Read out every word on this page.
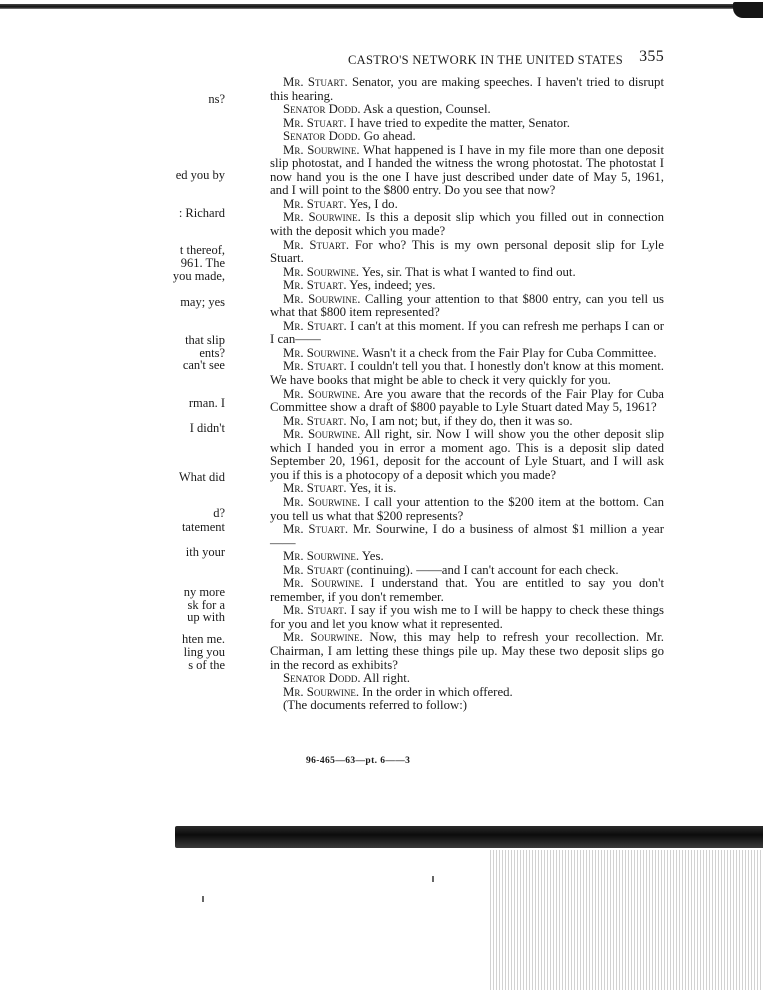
CASTRO'S NETWORK IN THE UNITED STATES 355
ns?
ed you by
: Richard
t thereof,
961. The
you made,
may; yes
that slip
ents?
can't see
rman. I
I didn't
What did
d?
tatement
ith your
ny more
sk for a
up with
hten me.
ling you
s of the

Mr. Stuart. Senator, you are making speeches. I haven't tried to disrupt this hearing.

Senator Dodd. Ask a question, Counsel.

Mr. Stuart. I have tried to expedite the matter, Senator.

Senator Dodd. Go ahead.

Mr. Sourwine. What happened is I have in my file more than one deposit slip photostat, and I handed the witness the wrong photostat. The photostat I now hand you is the one I have just described under date of May 5, 1961, and I will point to the $800 entry. Do you see that now?

Mr. Stuart. Yes, I do.

Mr. Sourwine. Is this a deposit slip which you filled out in connection with the deposit which you made?

Mr. Stuart. For who? This is my own personal deposit slip for Lyle Stuart.

Mr. Sourwine. Yes, sir. That is what I wanted to find out.

Mr. Stuart. Yes, indeed; yes.

Mr. Sourwine. Calling your attention to that $800 entry, can you tell us what that $800 item represented?

Mr. Stuart. I can't at this moment. If you can refresh me perhaps I can or I can——

Mr. Sourwine. Wasn't it a check from the Fair Play for Cuba Committee.

Mr. Stuart. I couldn't tell you that. I honestly don't know at this moment. We have books that might be able to check it very quickly for you.

Mr. Sourwine. Are you aware that the records of the Fair Play for Cuba Committee show a draft of $800 payable to Lyle Stuart dated May 5, 1961?

Mr. Stuart. No, I am not; but, if they do, then it was so.

Mr. Sourwine. All right, sir. Now I will show you the other deposit slip which I handed you in error a moment ago. This is a deposit slip dated September 20, 1961, deposit for the account of Lyle Stuart, and I will ask you if this is a photocopy of a deposit which you made?

Mr. Stuart. Yes, it is.

Mr. Sourwine. I call your attention to the $200 item at the bottom. Can you tell us what that $200 represents?

Mr. Stuart. Mr. Sourwine, I do a business of almost $1 million a year——

Mr. Sourwine. Yes.

Mr. Stuart (continuing). ——and I can't account for each check.

Mr. Sourwine. I understand that. You are entitled to say you don't remember, if you don't remember.

Mr. Stuart. I say if you wish me to I will be happy to check these things for you and let you know what it represented.

Mr. Sourwine. Now, this may help to refresh your recollection. Mr. Chairman, I am letting these things pile up. May these two deposit slips go in the record as exhibits?

Senator Dodd. All right.

Mr. Sourwine. In the order in which offered.

(The documents referred to follow:)

96-465—63—pt. 6——3
